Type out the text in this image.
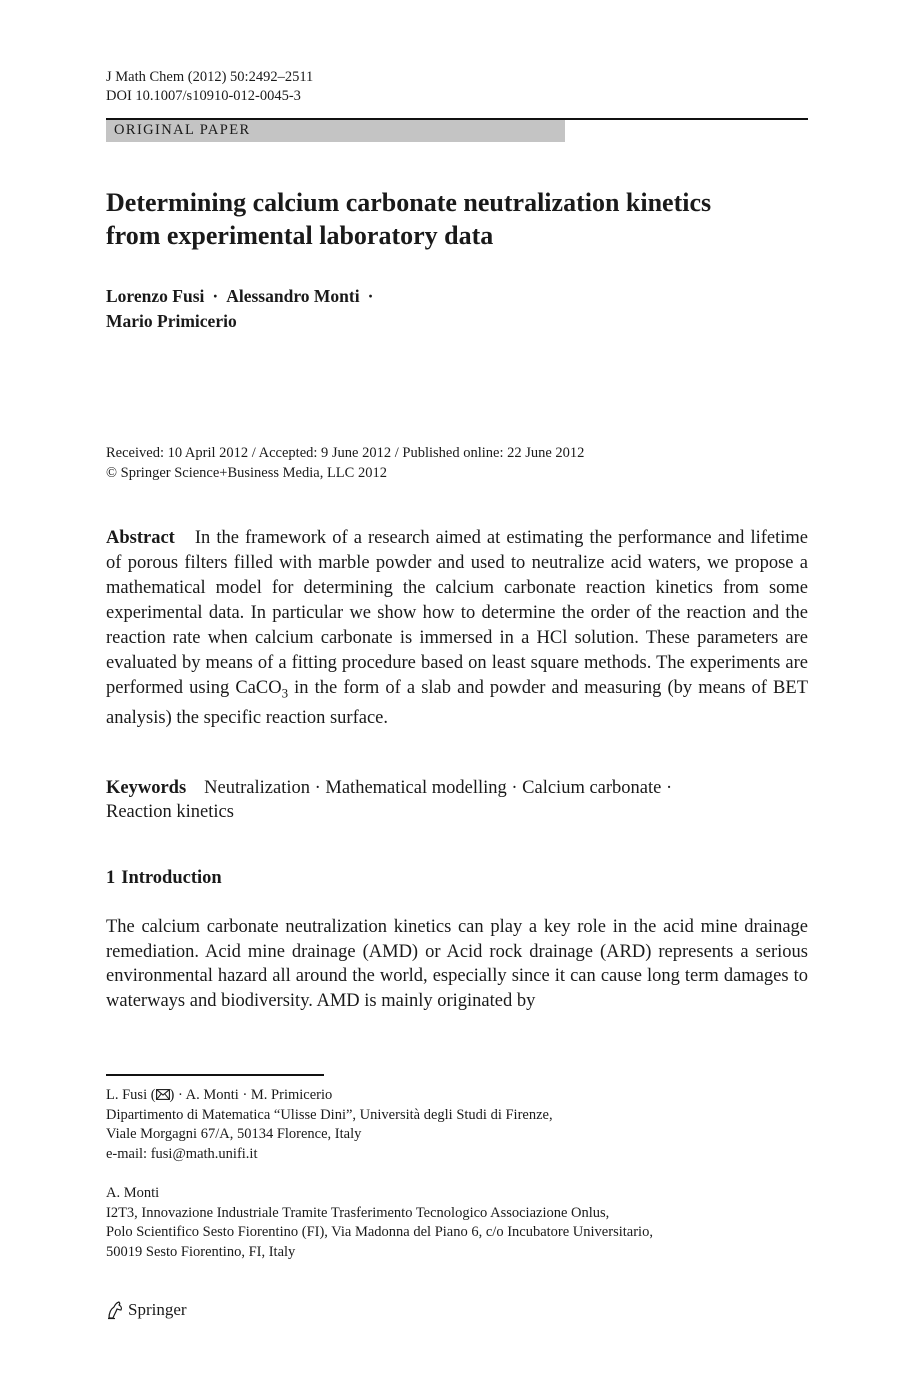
J Math Chem (2012) 50:2492–2511
DOI 10.1007/s10910-012-0045-3
ORIGINAL PAPER
Determining calcium carbonate neutralization kinetics
from experimental laboratory data
Lorenzo Fusi · Alessandro Monti ·
Mario Primicerio
Received: 10 April 2012 / Accepted: 9 June 2012 / Published online: 22 June 2012
© Springer Science+Business Media, LLC 2012

Abstract In the framework of a research aimed at estimating the performance and lifetime of porous filters filled with marble powder and used to neutralize acid waters, we propose a mathematical model for determining the calcium carbonate reaction kinetics from some experimental data. In particular we show how to determine the order of the reaction and the reaction rate when calcium carbonate is immersed in a HCl solution. These parameters are evaluated by means of a fitting procedure based on least square methods. The experiments are performed using CaCO$_3$ in the form of a slab and powder and measuring (by means of BET analysis) the specific reaction surface.

Keywords Neutralization · Mathematical modelling · Calcium carbonate ·
Reaction kinetics
1 Introduction

The calcium carbonate neutralization kinetics can play a key role in the acid mine drainage remediation. Acid mine drainage (AMD) or Acid rock drainage (ARD) represents a serious environmental hazard all around the world, especially since it can cause long term damages to waterways and biodiversity. AMD is mainly originated by

L. Fusi ( ) · A. Monti · M. Primicerio
Dipartimento di Matematica “Ulisse Dini”, Università degli Studi di Firenze,
Viale Morgagni 67/A, 50134 Florence, Italy
e-mail: fusi@math.unifi.it
A. Monti
I2T3, Innovazione Industriale Tramite Trasferimento Tecnologico Associazione Onlus,
Polo Scientifico Sesto Fiorentino (FI), Via Madonna del Piano 6, c/o Incubatore Universitario,
50019 Sesto Fiorentino, FI, Italy
Springer
